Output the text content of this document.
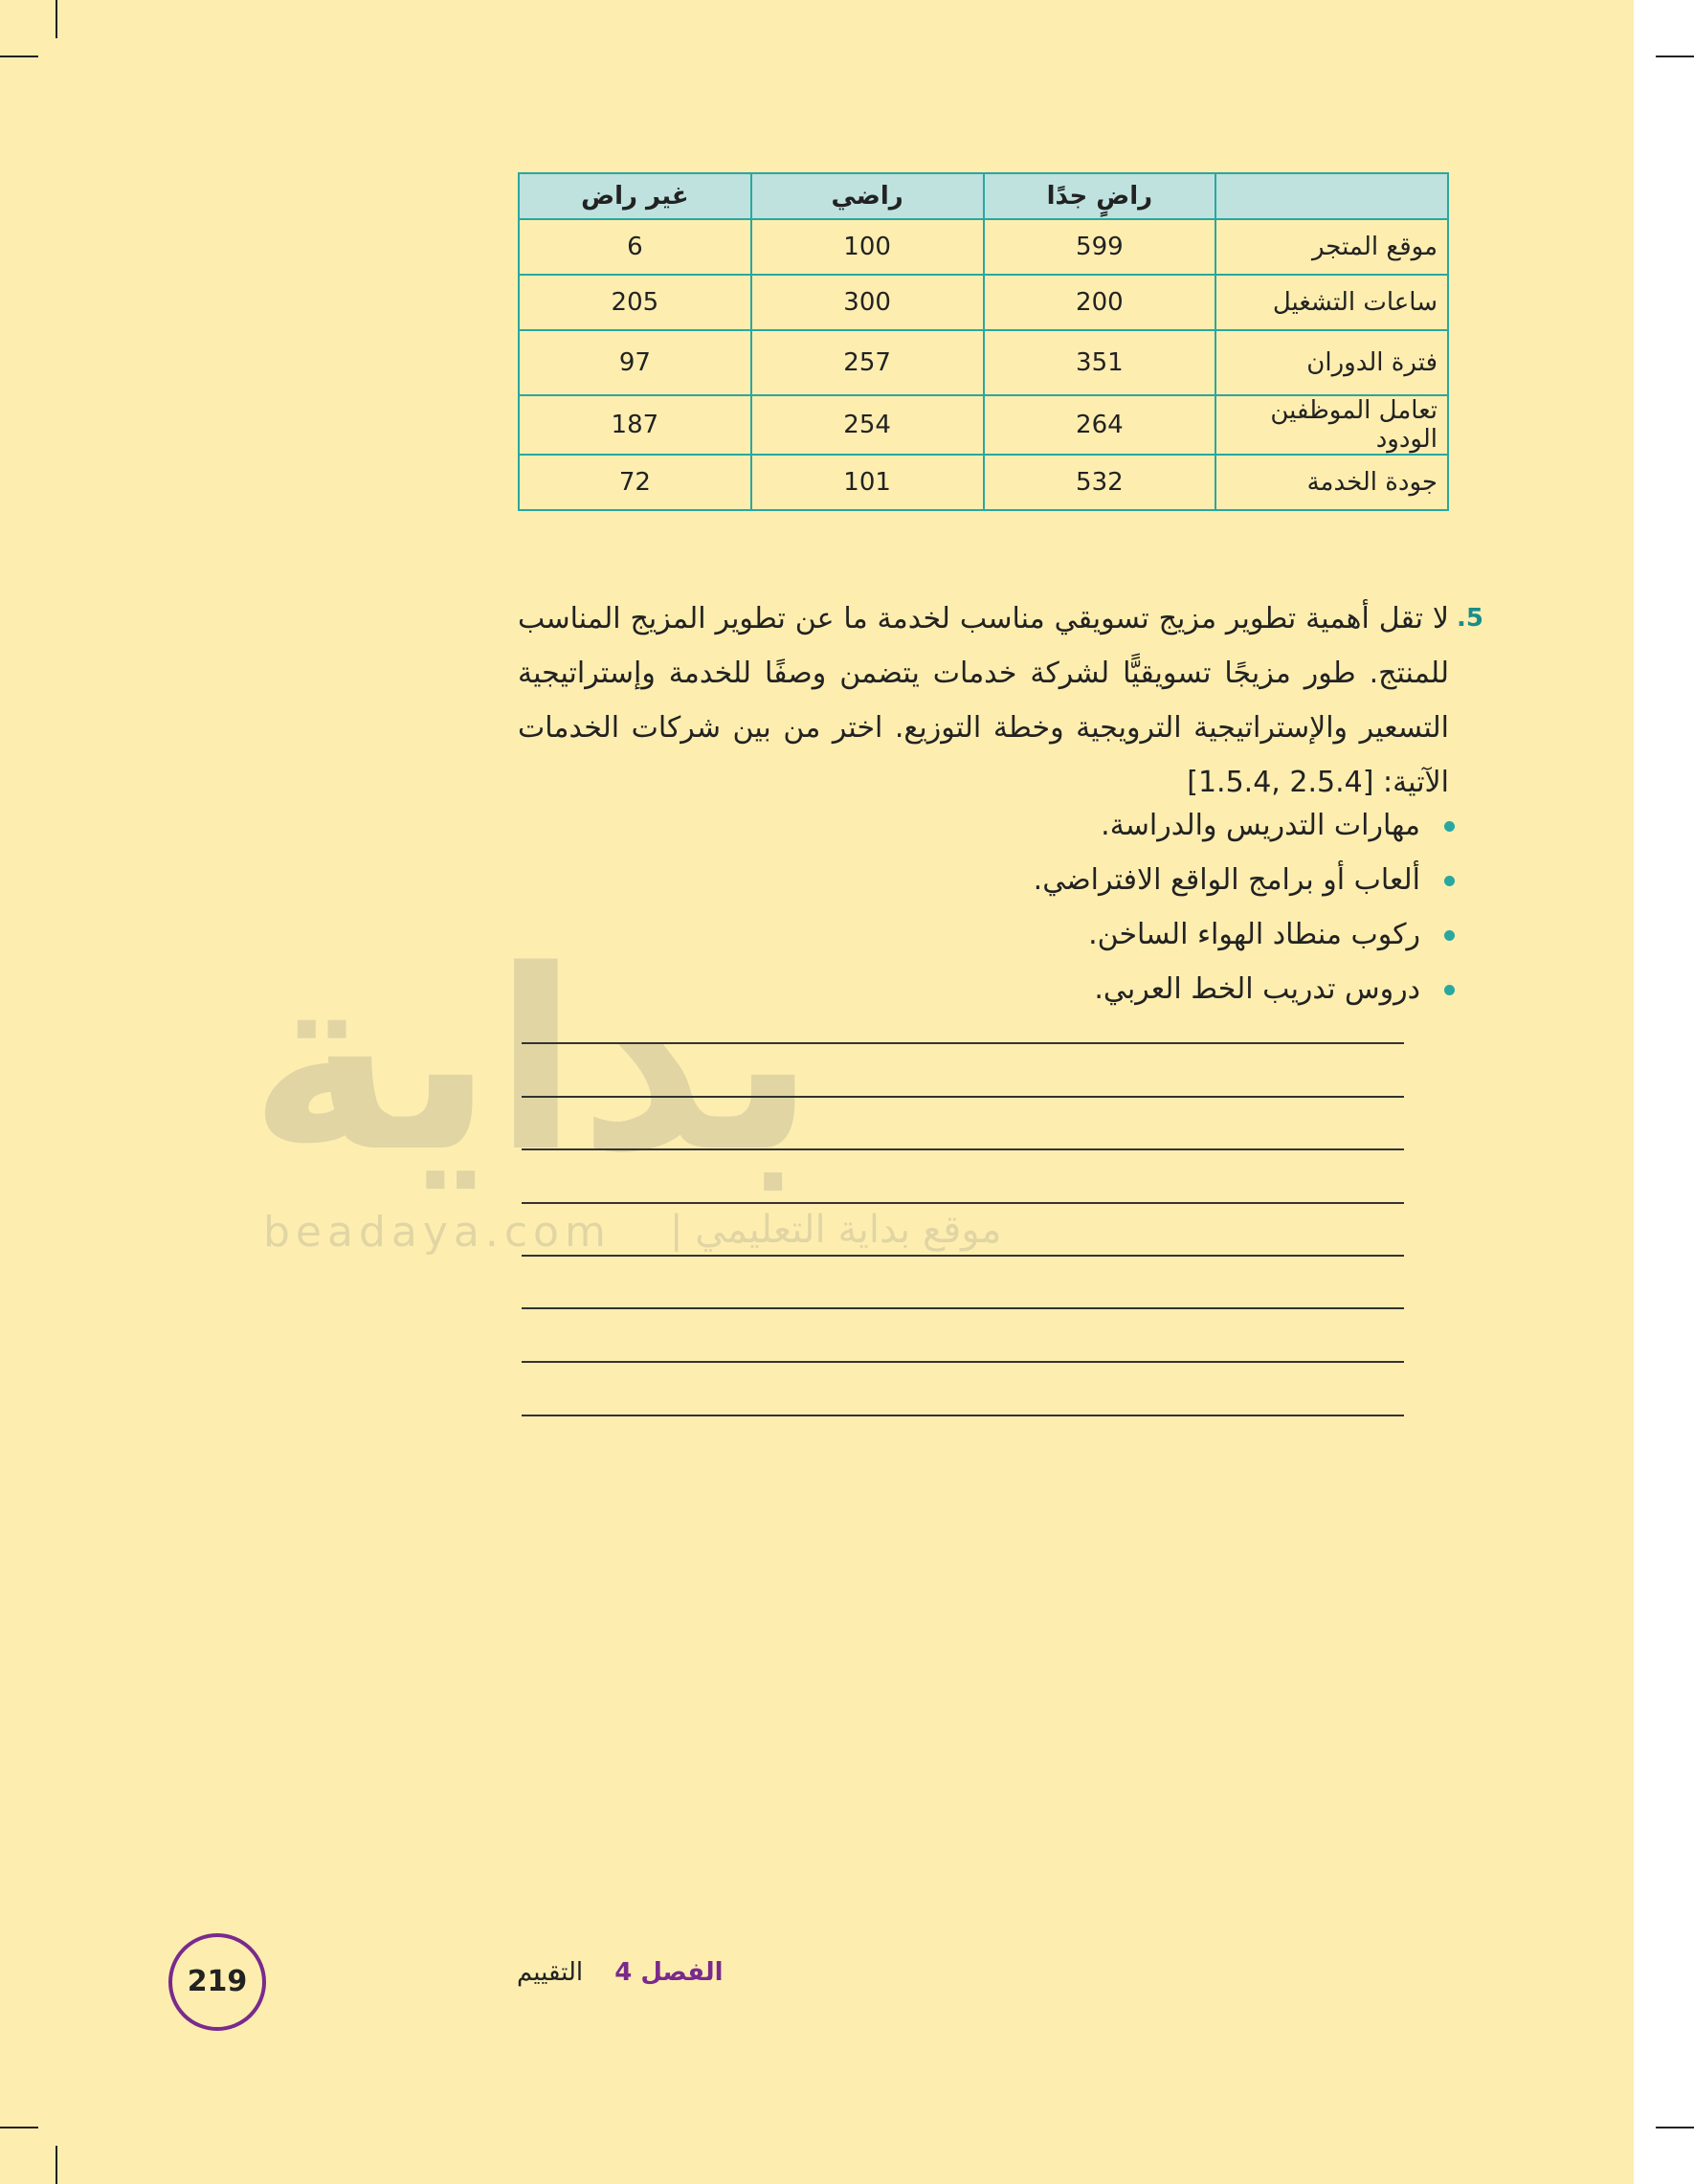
بداية
beadaya.com موقع بداية التعليمي |
	راضٍ جدًا	راضي	غير راض
موقع المتجر	599	100	6
ساعات التشغيل	200	300	205
فترة الدوران	351	257	97
تعامل الموظفين الودود	264	254	187
جودة الخدمة	532	101	72
5.
لا تقل أهمية تطوير مزيج تسويقي مناسب لخدمة ما عن تطوير المزيج المناسب للمنتج. طور مزيجًا تسويقيًّا لشركة خدمات يتضمن وصفًا للخدمة وإستراتيجية التسعير والإستراتيجية الترويجية وخطة التوزيع. اختر من بين شركات الخدمات الآتية: [2.5.4 ,1.5.4]
مهارات التدريس والدراسة.
ألعاب أو برامج الواقع الافتراضي.
ركوب منطاد الهواء الساخن.
دروس تدريب الخط العربي.
219	الفصل 4    التقييم
